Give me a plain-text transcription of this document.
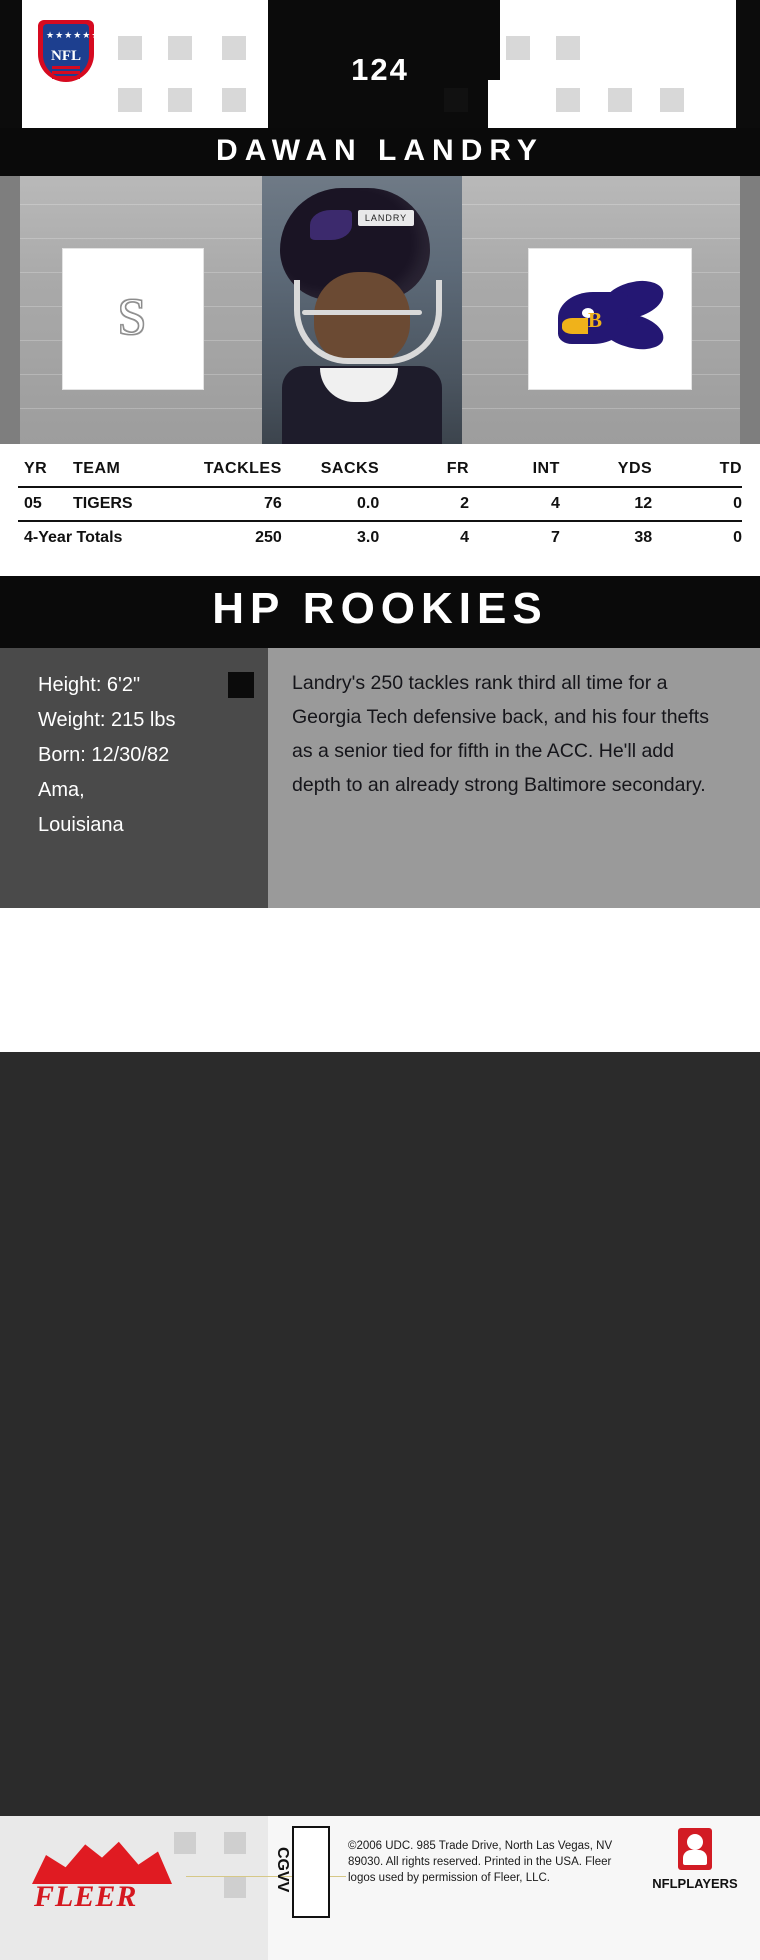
★★★★★★★
NFL	124
DAWAN LANDRY
LANDRY
S	B
YR	TEAM	TACKLES	SACKS	FR	INT	YDS	TD
05	TIGERS	76	0.0	2	4	12	0
4-Year Totals		250	3.0	4	7	38	0
HP ROOKIES
Height: 6'2"
Weight: 215 lbs
Born: 12/30/82
Ama,
Louisiana
Landry's 250 tackles rank third all time for a Georgia Tech defensive back, and his four thefts as a senior tied for fifth in the ACC. He'll add depth to an already strong Baltimore secondary.
FLEER
©2006 UDC. 985 Trade Drive, North Las Vegas, NV 89030. All rights reserved. Printed in the USA. Fleer logos used by permission of Fleer, LLC.	NFLPLAYERS
